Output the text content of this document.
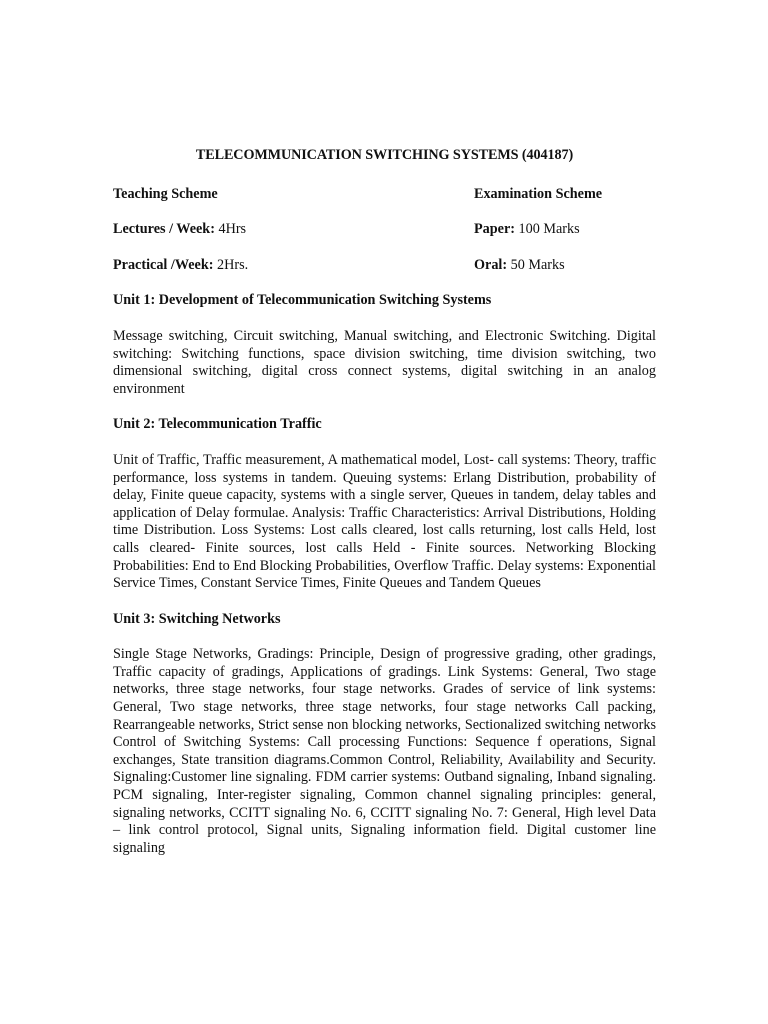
TELECOMMUNICATION SWITCHING SYSTEMS (404187)
Teaching Scheme	Examination Scheme
Lectures / Week: 4Hrs	Paper: 100 Marks
Practical /Week: 2Hrs.	Oral: 50 Marks
Unit 1: Development of Telecommunication Switching Systems
Message switching, Circuit switching, Manual switching, and Electronic Switching. Digital switching: Switching functions, space division switching, time division switching, two dimensional switching, digital cross connect systems, digital switching in an analog environment
Unit 2: Telecommunication Traffic
Unit of Traffic, Traffic measurement, A mathematical model, Lost- call systems: Theory, traffic performance, loss systems in tandem. Queuing systems: Erlang Distribution, probability of delay, Finite queue capacity, systems with a single server, Queues in tandem, delay tables and application of Delay formulae. Analysis: Traffic Characteristics: Arrival Distributions, Holding time Distribution. Loss Systems: Lost calls cleared, lost calls returning, lost calls Held, lost calls cleared- Finite sources, lost calls Held - Finite sources. Networking Blocking Probabilities: End to End Blocking Probabilities, Overflow Traffic. Delay systems: Exponential Service Times, Constant Service Times, Finite Queues and Tandem Queues
Unit 3: Switching Networks
Single Stage Networks, Gradings: Principle, Design of progressive grading, other gradings, Traffic capacity of gradings, Applications of gradings. Link Systems: General, Two stage networks, three stage networks, four stage networks. Grades of service of link systems: General, Two stage networks, three stage networks, four stage networks Call packing, Rearrangeable networks, Strict sense non blocking networks, Sectionalized switching networks Control of Switching Systems: Call processing Functions: Sequence f operations, Signal exchanges, State transition diagrams.Common Control, Reliability, Availability and Security. Signaling:Customer line signaling. FDM carrier systems: Outband signaling, Inband signaling. PCM signaling, Inter-register signaling, Common channel signaling principles: general, signaling networks, CCITT signaling No. 6, CCITT signaling No. 7: General, High level Data – link control protocol, Signal units, Signaling information field. Digital customer line signaling
